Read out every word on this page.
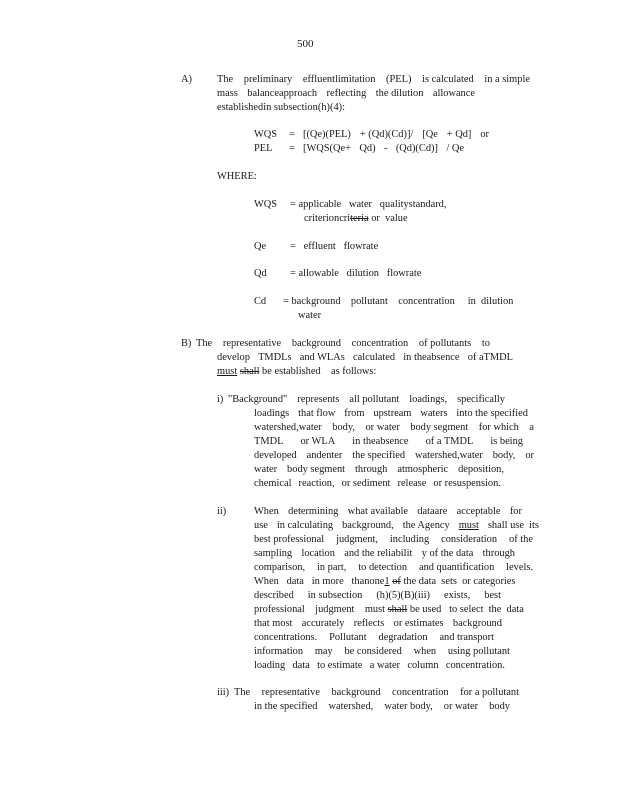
500
A) The preliminary effluentlimitation (PEL) is calculated in a simple
mass balanceapproach reflecting the dilution allowance
established in subsection (h)(4):
WQS = [(Qe)(PEL) + (Qd)(Cd)]/ [Qe + Qd] or
PEL = [WQS(Qe+ Qd) - (Qd)(Cd)] / Qe
WHERE:
WQS = applicable   water   qualitystandard,
criterioncriteria or  value
Qe =   effluent   flowrate
Qd = allowable   dilution   flowrate
Cd = background    pollutant    concentration     in  dilution
water
B) The representative background concentration of pollutants to
develop TMDLs and WLAs calculated in theabsence of aTMDL
must shall be established    as follows:
i) "Background" represents all pollutant loadings, specifically
loadings that flow from upstream waters into the specified
watershed,water body, or water body segment for which a
TMDL or WLA in theabsence of a TMDL is being
developed andenter the specified watershed,water body, or
water body segment through atmospheric deposition,
chemical reaction, or sediment release or resuspension.
ii)	When determining what available dataare acceptable for
use in calculating background, the Agency must shall use  its
best professional judgment, including consideration of the
sampling location and the reliabilit y of the data through
comparison, in part, to detection and quantification levels.
When   data   in more   thanone1 of the data  sets  or categories
described in subsection (h)(5)(B)(iii) exists, best
professional    judgment    must shall be used   to select  the  data
that most accurately reflects or estimates background
concentrations. Pollutant degradation and transport
information may be considered when using pollutant
loading data to estimate a water column concentration.
iii) The representative background concentration for a pollutant
in the specified watershed, water body, or water body
